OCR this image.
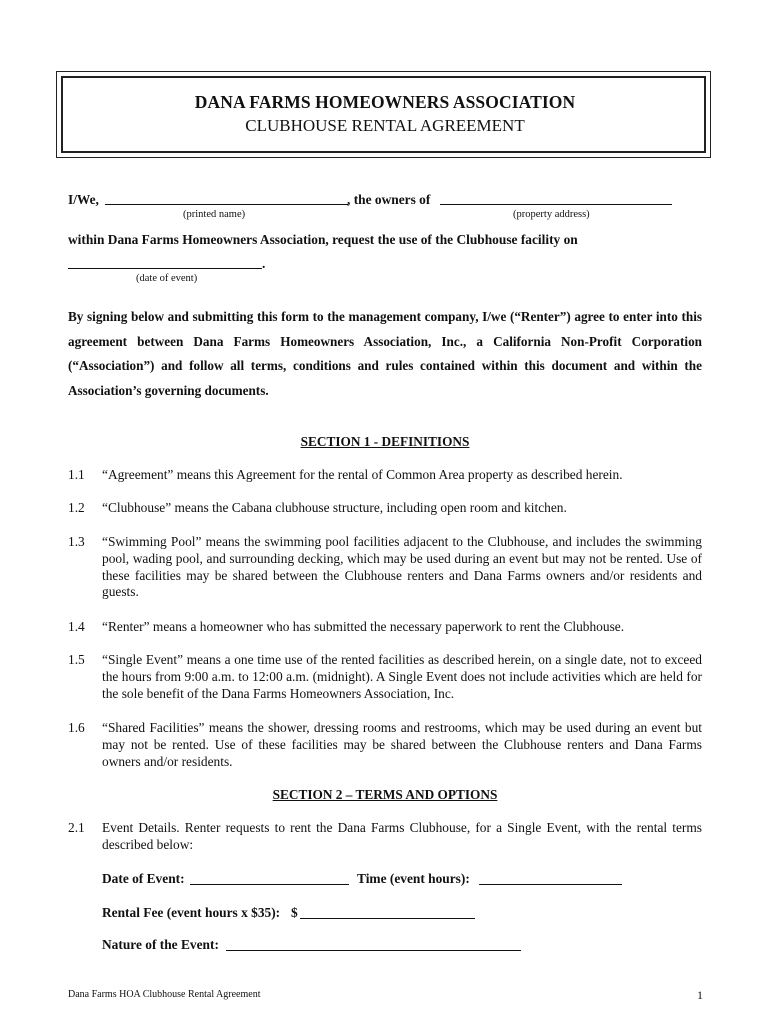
DANA FARMS HOMEOWNERS ASSOCIATION
CLUBHOUSE RENTAL AGREEMENT
I/We,	, the owners of
(printed name)	(property address)
within Dana Farms Homeowners Association, request the use of the Clubhouse facility on
.
(date of event)
By signing below and submitting this form to the management company, I/we (“Renter”) agree to enter into this agreement between Dana Farms Homeowners Association, Inc., a California Non-Profit Corporation (“Association”) and follow all terms, conditions and rules contained within this document and within the Association’s governing documents.
SECTION 1 - DEFINITIONS
1.1 “Agreement” means this Agreement for the rental of Common Area property as described herein.
1.2 “Clubhouse” means the Cabana clubhouse structure, including open room and kitchen.
1.3 “Swimming Pool” means the swimming pool facilities adjacent to the Clubhouse, and includes the swimming pool, wading pool, and surrounding decking, which may be used during an event but may not be rented. Use of these facilities may be shared between the Clubhouse renters and Dana Farms owners and/or residents and guests.
1.4 “Renter” means a homeowner who has submitted the necessary paperwork to rent the Clubhouse.
1.5 “Single Event” means a one time use of the rented facilities as described herein, on a single date, not to exceed the hours from 9:00 a.m. to 12:00 a.m. (midnight). A Single Event does not include activities which are held for the sole benefit of the Dana Farms Homeowners Association, Inc.
1.6 “Shared Facilities” means the shower, dressing rooms and restrooms, which may be used during an event but may not be rented. Use of these facilities may be shared between the Clubhouse renters and Dana Farms owners and/or residents.
SECTION 2 – TERMS AND OPTIONS
2.1 Event Details. Renter requests to rent the Dana Farms Clubhouse, for a Single Event, with the rental terms described below:
Date of Event:	Time (event hours):
Rental Fee (event hours x $35): $
Nature of the Event:
Dana Farms HOA Clubhouse Rental Agreement	1
